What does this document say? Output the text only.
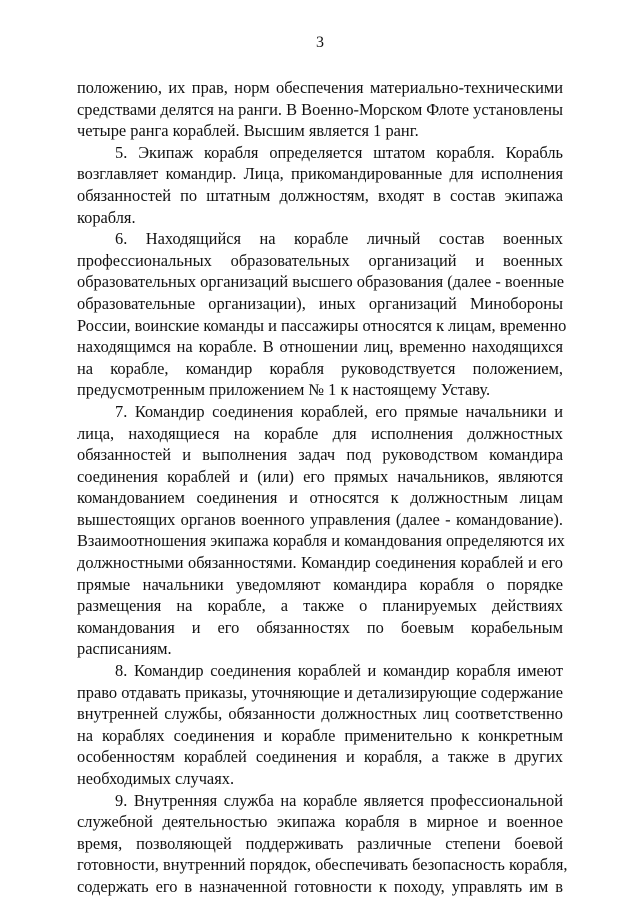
3
положению, их прав, норм обеспечения материально-техническими
средствами делятся на ранги. В Военно-Морском Флоте установлены
четыре ранга кораблей. Высшим является 1 ранг.
5. Экипаж корабля определяется штатом корабля. Корабль
возглавляет командир. Лица, прикомандированные для исполнения
обязанностей по штатным должностям, входят в состав экипажа
корабля.
6. Находящийся на корабле личный состав военных
профессиональных образовательных организаций и военных
образовательных организаций высшего образования (далее - военные
образовательные организации), иных организаций Минобороны
России, воинские команды и пассажиры относятся к лицам, временно
находящимся на корабле. В отношении лиц, временно находящихся
на корабле, командир корабля руководствуется положением,
предусмотренным приложением № 1 к настоящему Уставу.
7. Командир соединения кораблей, его прямые начальники и
лица, находящиеся на корабле для исполнения должностных
обязанностей и выполнения задач под руководством командира
соединения кораблей и (или) его прямых начальников, являются
командованием соединения и относятся к должностным лицам
вышестоящих органов военного управления (далее - командование).
Взаимоотношения экипажа корабля и командования определяются их
должностными обязанностями. Командир соединения кораблей и его
прямые начальники уведомляют командира корабля о порядке
размещения на корабле, а также о планируемых действиях
командования и его обязанностях по боевым корабельным
расписаниям.
8. Командир соединения кораблей и командир корабля имеют
право отдавать приказы, уточняющие и детализирующие содержание
внутренней службы, обязанности должностных лиц соответственно
на кораблях соединения и корабле применительно к конкретным
особенностям кораблей соединения и корабля, а также в других
необходимых случаях.
9. Внутренняя служба на корабле является профессиональной
служебной деятельностью экипажа корабля в мирное и военное
время, позволяющей поддерживать различные степени боевой
готовности, внутренний порядок, обеспечивать безопасность корабля,
содержать его в назначенной готовности к походу, управлять им в
